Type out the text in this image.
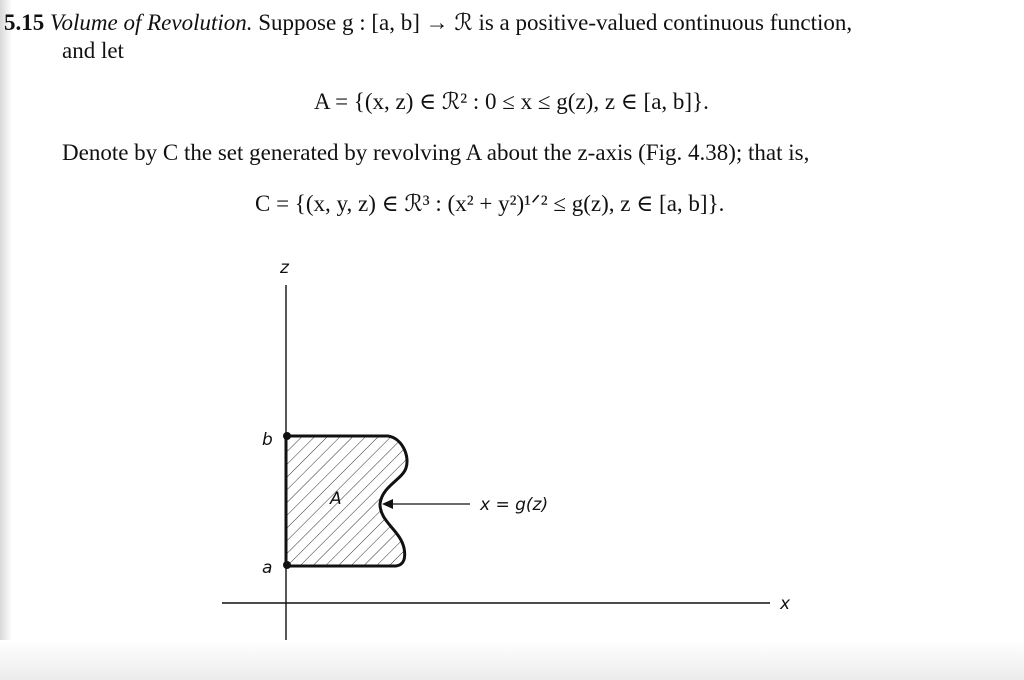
5.15 Volume of Revolution. Suppose g : [a, b] → ℛ is a positive-valued continuous function,
and let
A = {(x, z) ∈ ℛ² : 0 ≤ x ≤ g(z), z ∈ [a, b]}.
Denote by C the set generated by revolving A about the z-axis (Fig. 4.38); that is,
C = {(x, y, z) ∈ ℛ³ : (x² + y²)¹ᐟ² ≤ g(z), z ∈ [a, b]}.
z
x
b
a
A	x = g(z)
